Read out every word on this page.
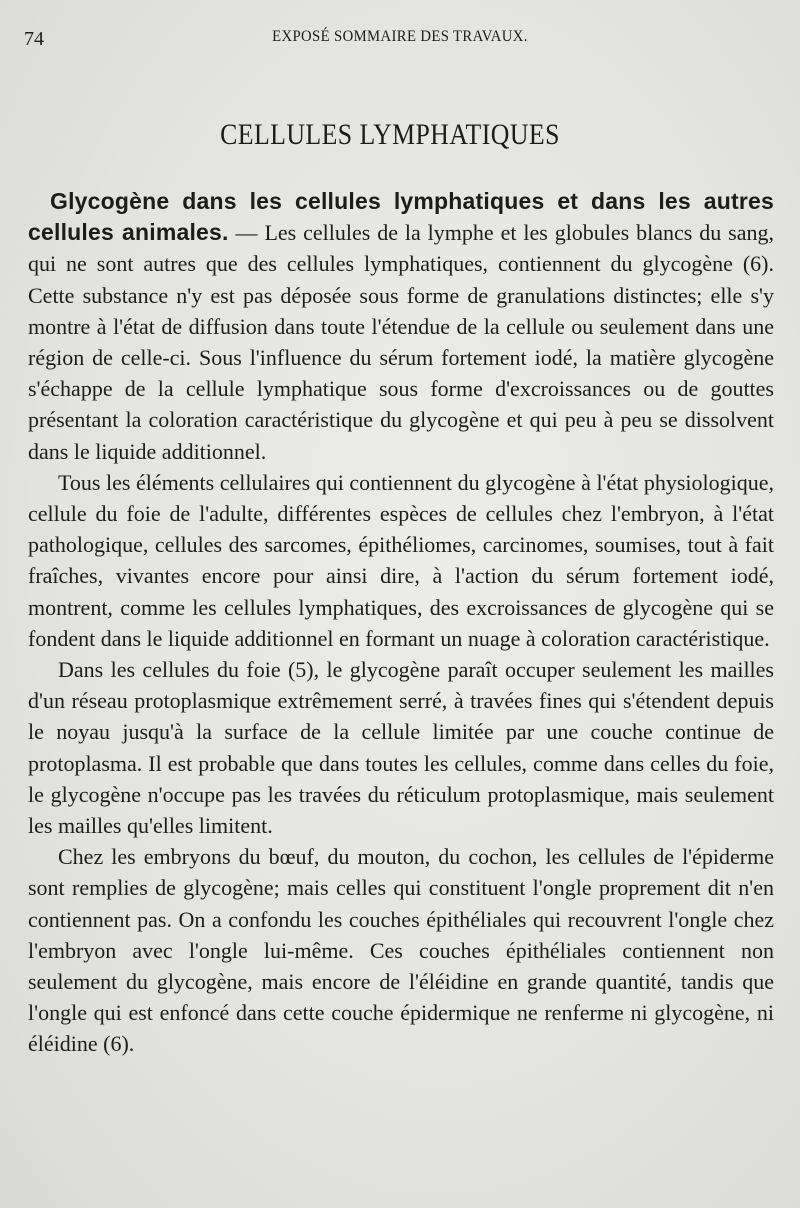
74	EXPOSÉ SOMMAIRE DES TRAVAUX.
CELLULES LYMPHATIQUES

Glycogène dans les cellules lymphatiques et dans les autres cellules animales. — Les cellules de la lymphe et les globules blancs du sang, qui ne sont autres que des cellules lymphatiques, contiennent du glycogène (6). Cette substance n'y est pas déposée sous forme de granulations distinctes; elle s'y montre à l'état de diffusion dans toute l'étendue de la cellule ou seulement dans une région de celle-ci. Sous l'influence du sérum fortement iodé, la matière glycogène s'échappe de la cellule lymphatique sous forme d'excroissances ou de gouttes présentant la coloration caractéristique du glycogène et qui peu à peu se dissolvent dans le liquide additionnel.

Tous les éléments cellulaires qui contiennent du glycogène à l'état physiologique, cellule du foie de l'adulte, différentes espèces de cellules chez l'embryon, à l'état pathologique, cellules des sarcomes, épithéliomes, carcinomes, soumises, tout à fait fraîches, vivantes encore pour ainsi dire, à l'action du sérum fortement iodé, montrent, comme les cellules lymphatiques, des excroissances de glycogène qui se fondent dans le liquide additionnel en formant un nuage à coloration caractéristique.

Dans les cellules du foie (5), le glycogène paraît occuper seulement les mailles d'un réseau protoplasmique extrêmement serré, à travées fines qui s'étendent depuis le noyau jusqu'à la surface de la cellule limitée par une couche continue de protoplasma. Il est probable que dans toutes les cellules, comme dans celles du foie, le glycogène n'occupe pas les travées du réticulum protoplasmique, mais seulement les mailles qu'elles limitent.

Chez les embryons du bœuf, du mouton, du cochon, les cellules de l'épiderme sont remplies de glycogène; mais celles qui constituent l'ongle proprement dit n'en contiennent pas. On a confondu les couches épithéliales qui recouvrent l'ongle chez l'embryon avec l'ongle lui-même. Ces couches épithéliales contiennent non seulement du glycogène, mais encore de l'éléidine en grande quantité, tandis que l'ongle qui est enfoncé dans cette couche épidermique ne renferme ni glycogène, ni éléidine (6).
